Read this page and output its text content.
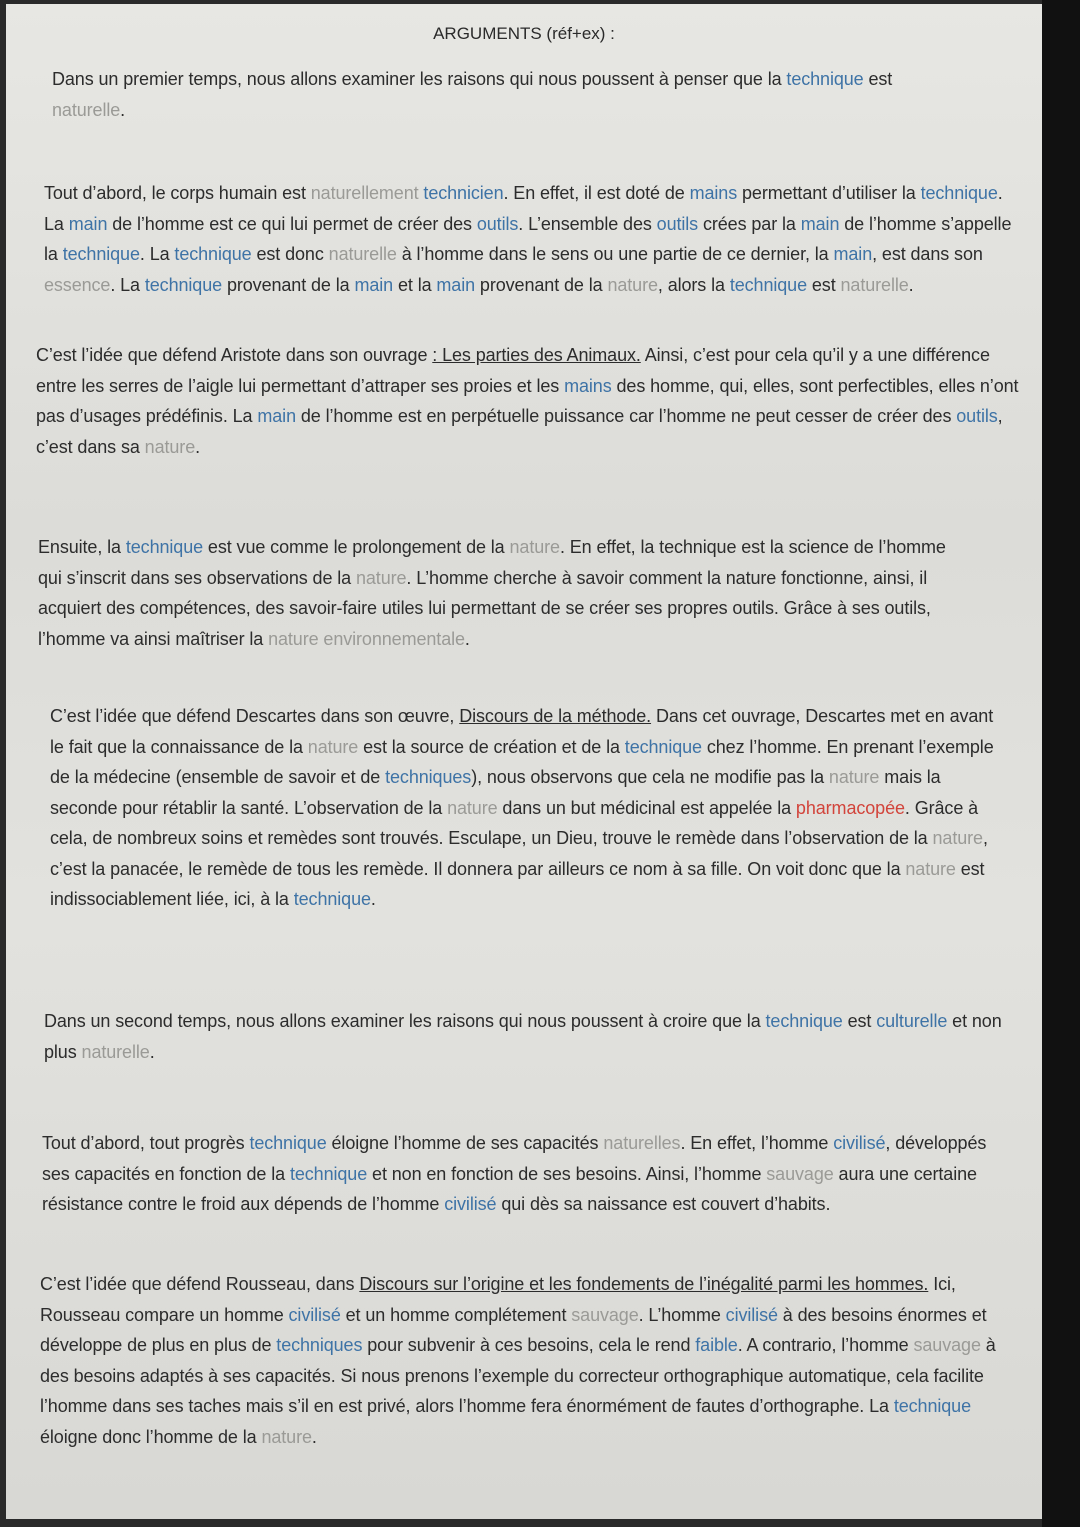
ARGUMENTS (réf+ex) :
Dans un premier temps, nous allons examiner les raisons qui nous poussent à penser que la technique est naturelle.
Tout d’abord, le corps humain est naturellement technicien. En effet, il est doté de mains permettant d’utiliser la technique. La main de l’homme est ce qui lui permet de créer des outils. L’ensemble des outils crées par la main de l’homme s’appelle la technique. La technique est donc naturelle à l’homme dans le sens ou une partie de ce dernier, la main, est dans son essence. La technique provenant de la main et la main provenant de la nature, alors la technique est naturelle.
C’est l’idée que défend Aristote dans son ouvrage : Les parties des Animaux. Ainsi, c’est pour cela qu’il y a une différence entre les serres de l’aigle lui permettant d’attraper ses proies et les mains des homme, qui, elles, sont perfectibles, elles n’ont pas d’usages prédéfinis. La main de l’homme est en perpétuelle puissance car l’homme ne peut cesser de créer des outils, c’est dans sa nature.
Ensuite, la technique est vue comme le prolongement de la nature. En effet, la technique est la science de l’homme qui s’inscrit dans ses observations de la nature. L’homme cherche à savoir comment la nature fonctionne, ainsi, il acquiert des compétences, des savoir-faire utiles lui permettant de se créer ses propres outils. Grâce à ses outils, l’homme va ainsi maîtriser la nature environnementale.
C’est l’idée que défend Descartes dans son œuvre, Discours de la méthode. Dans cet ouvrage, Descartes met en avant le fait que la connaissance de la nature est la source de création et de la technique chez l’homme. En prenant l’exemple de la médecine (ensemble de savoir et de techniques), nous observons que cela ne modifie pas la nature mais la seconde pour rétablir la santé. L’observation de la nature dans un but médicinal est appelée la pharmacopée. Grâce à cela, de nombreux soins et remèdes sont trouvés. Esculape, un Dieu, trouve le remède dans l’observation de la nature, c’est la panacée, le remède de tous les remède. Il donnera par ailleurs ce nom à sa fille. On voit donc que la nature est indissociablement liée, ici, à la technique.
Dans un second temps, nous allons examiner les raisons qui nous poussent à croire que la technique est culturelle et non plus naturelle.
Tout d’abord, tout progrès technique éloigne l’homme de ses capacités naturelles. En effet, l’homme civilisé, développés ses capacités en fonction de la technique et non en fonction de ses besoins. Ainsi, l’homme sauvage aura une certaine résistance contre le froid aux dépends de l’homme civilisé qui dès sa naissance est couvert d’habits.
C’est l’idée que défend Rousseau, dans Discours sur l’origine et les fondements de l’inégalité parmi les hommes. Ici, Rousseau compare un homme civilisé et un homme complétement sauvage. L’homme civilisé à des besoins énormes et développe de plus en plus de techniques pour subvenir à ces besoins, cela le rend faible. A contrario, l’homme sauvage à des besoins adaptés à ses capacités. Si nous prenons l’exemple du correcteur orthographique automatique, cela facilite l’homme dans ses taches mais s’il en est privé, alors l’homme fera énormément de fautes d’orthographe. La technique éloigne donc l’homme de la nature.
